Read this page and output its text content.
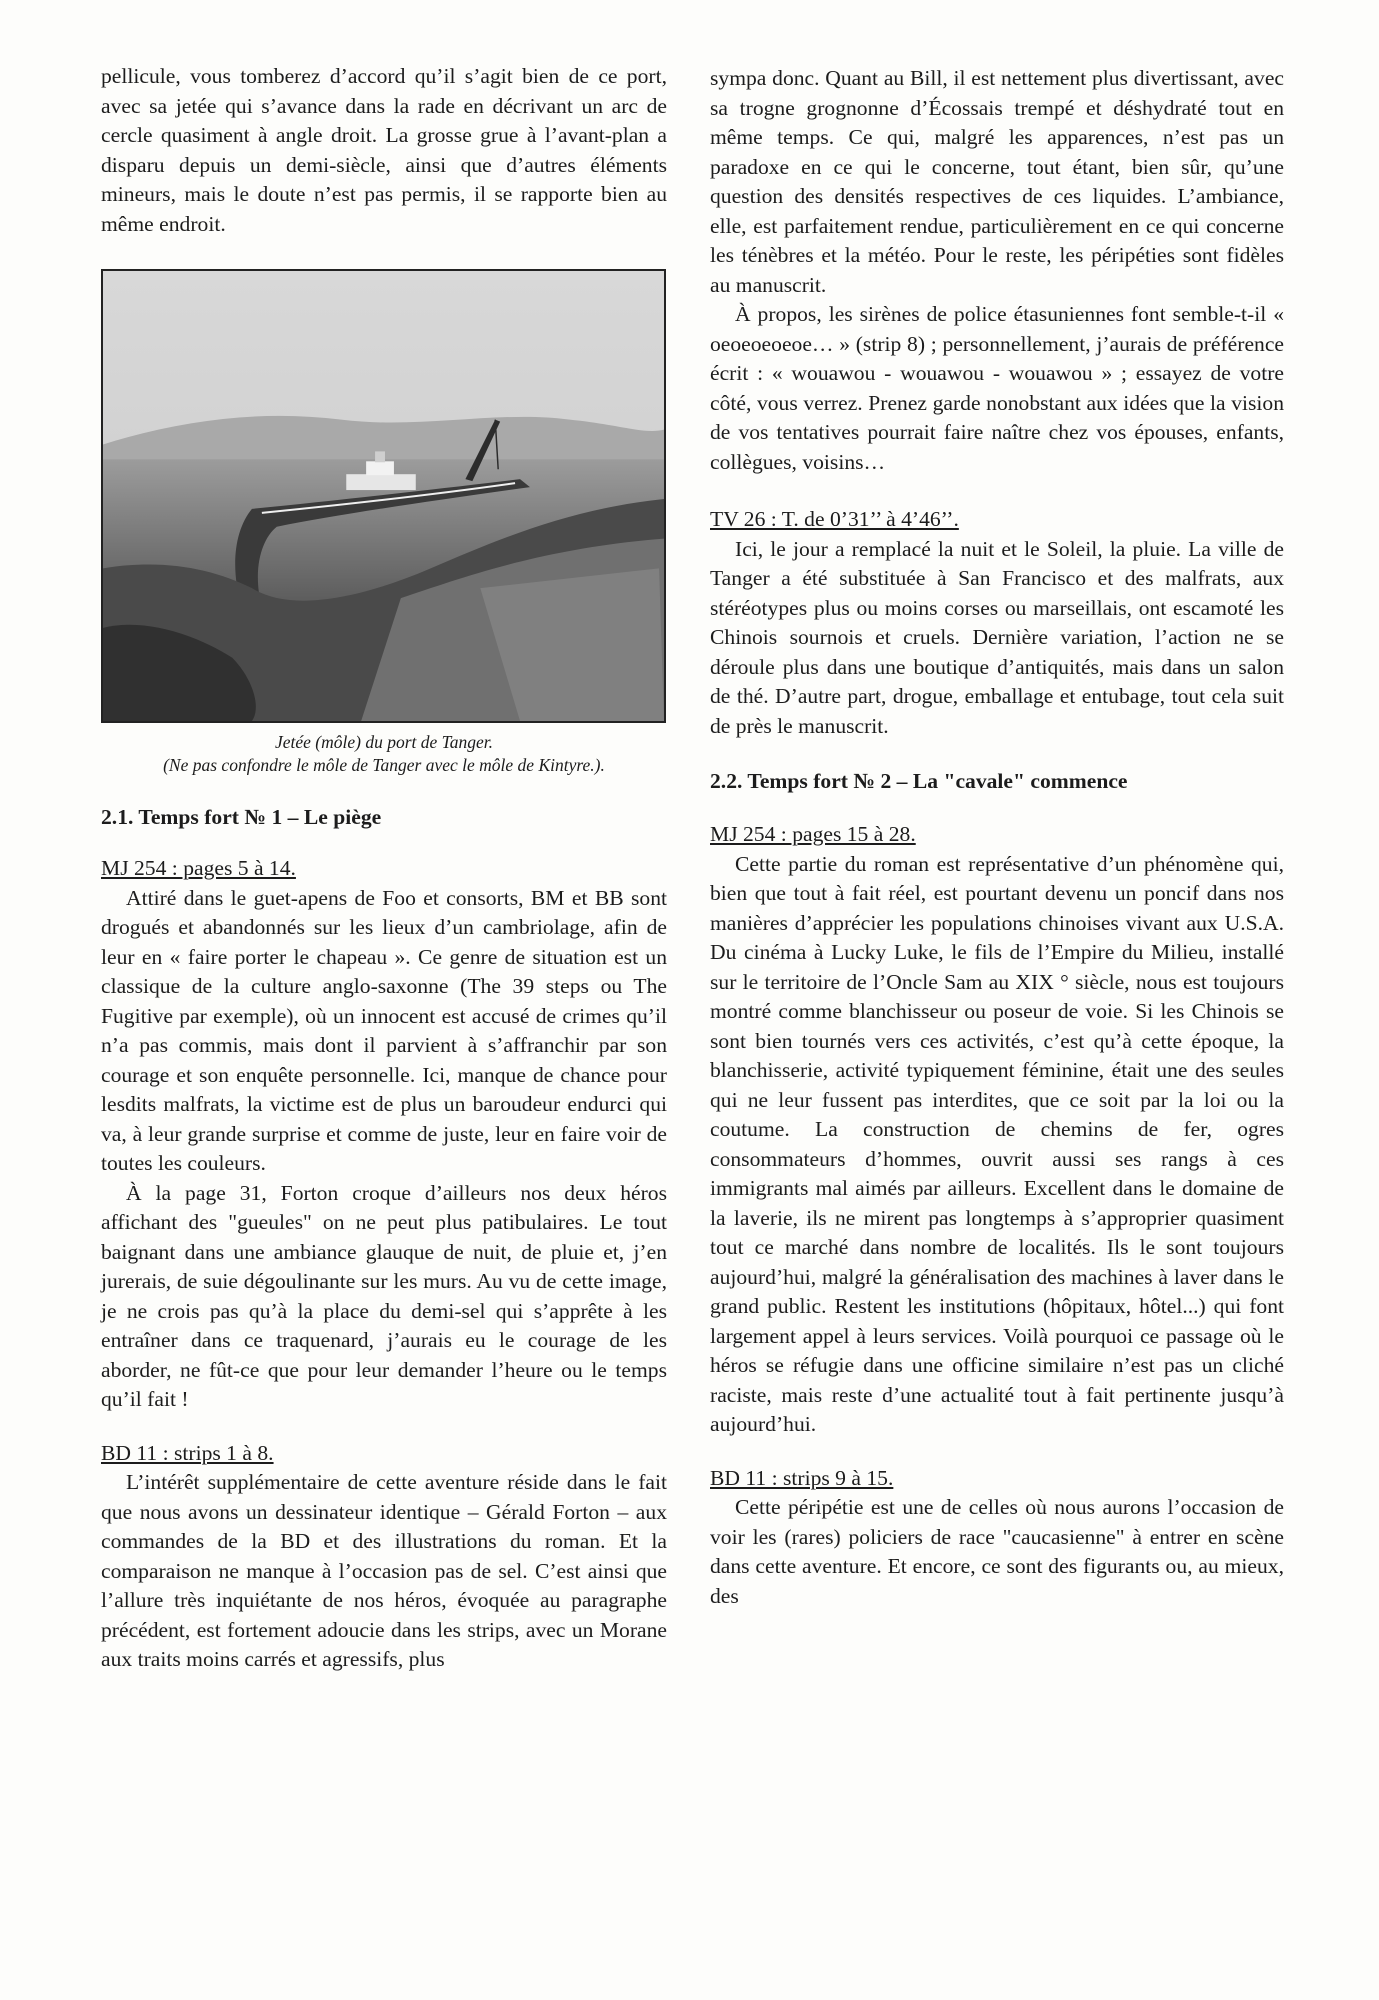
pellicule, vous tomberez d’accord qu’il s’agit bien de ce port, avec sa jetée qui s’avance dans la rade en décrivant un arc de cercle quasiment à angle droit. La grosse grue à l’avant-plan a disparu depuis un demi-siècle, ainsi que d’autres éléments mineurs, mais le doute n’est pas permis, il se rapporte bien au même endroit.

Jetée (môle) du port de Tanger.

(Ne pas confondre le môle de Tanger avec le môle de Kintyre.).

2.1. Temps fort № 1 – Le piège

MJ 254 : pages 5 à 14.

Attiré dans le guet-apens de Foo et consorts, BM et BB sont drogués et abandonnés sur les lieux d’un cambriolage, afin de leur en « faire porter le chapeau ». Ce genre de situation est un classique de la culture anglo-saxonne (The 39 steps ou The Fugitive par exemple), où un innocent est accusé de crimes qu’il n’a pas commis, mais dont il parvient à s’affranchir par son courage et son enquête personnelle. Ici, manque de chance pour lesdits malfrats, la victime est de plus un baroudeur endurci qui va, à leur grande surprise et comme de juste, leur en faire voir de toutes les couleurs.

À la page 31, Forton croque d’ailleurs nos deux héros affichant des "gueules" on ne peut plus patibulaires. Le tout baignant dans une ambiance glauque de nuit, de pluie et, j’en jurerais, de suie dégoulinante sur les murs. Au vu de cette image, je ne crois pas qu’à la place du demi-sel qui s’apprête à les entraîner dans ce traquenard, j’aurais eu le courage de les aborder, ne fût-ce que pour leur demander l’heure ou le temps qu’il fait !

BD 11 : strips 1 à 8.

L’intérêt supplémentaire de cette aventure réside dans le fait que nous avons un dessinateur identique – Gérald Forton – aux commandes de la BD et des illustrations du roman. Et la comparaison ne manque à l’occasion pas de sel. C’est ainsi que l’allure très inquiétante de nos héros, évoquée au paragraphe précédent, est fortement adoucie dans les strips, avec un Morane aux traits moins carrés et agressifs, plus

sympa donc. Quant au Bill, il est nettement plus divertissant, avec sa trogne grognonne d’Écossais trempé et déshydraté tout en même temps. Ce qui, malgré les apparences, n’est pas un paradoxe en ce qui le concerne, tout étant, bien sûr, qu’une question des densités respectives de ces liquides. L’ambiance, elle, est parfaitement rendue, particulièrement en ce qui concerne les ténèbres et la météo. Pour le reste, les péripéties sont fidèles au manuscrit.

À propos, les sirènes de police étasuniennes font semble-t-il « oeoeoeoeoe… » (strip 8) ; personnellement, j’aurais de préférence écrit : « wouawou - wouawou - wouawou » ; essayez de votre côté, vous verrez. Prenez garde nonobstant aux idées que la vision de vos tentatives pourrait faire naître chez vos épouses, enfants, collègues, voisins…

TV 26 : T. de 0’31’’ à 4’46’’.

Ici, le jour a remplacé la nuit et le Soleil, la pluie. La ville de Tanger a été substituée à San Francisco et des malfrats, aux stéréotypes plus ou moins corses ou marseillais, ont escamoté les Chinois sournois et cruels. Dernière variation, l’action ne se déroule plus dans une boutique d’antiquités, mais dans un salon de thé. D’autre part, drogue, emballage et entubage, tout cela suit de près le manuscrit.

2.2. Temps fort № 2 – La "cavale" commence

MJ 254 : pages 15 à 28.

Cette partie du roman est représentative d’un phénomène qui, bien que tout à fait réel, est pourtant devenu un poncif dans nos manières d’apprécier les populations chinoises vivant aux U.S.A. Du cinéma à Lucky Luke, le fils de l’Empire du Milieu, installé sur le territoire de l’Oncle Sam au XIX ° siècle, nous est toujours montré comme blanchisseur ou poseur de voie. Si les Chinois se sont bien tournés vers ces activités, c’est qu’à cette époque, la blanchisserie, activité typiquement féminine, était une des seules qui ne leur fussent pas interdites, que ce soit par la loi ou la coutume. La construction de chemins de fer, ogres consommateurs d’hommes, ouvrit aussi ses rangs à ces immigrants mal aimés par ailleurs. Excellent dans le domaine de la laverie, ils ne mirent pas longtemps à s’approprier quasiment tout ce marché dans nombre de localités. Ils le sont toujours aujourd’hui, malgré la généralisation des machines à laver dans le grand public. Restent les institutions (hôpitaux, hôtel...) qui font largement appel à leurs services. Voilà pourquoi ce passage où le héros se réfugie dans une officine similaire n’est pas un cliché raciste, mais reste d’une actualité tout à fait pertinente jusqu’à aujourd’hui.

BD 11 : strips 9 à 15.

Cette péripétie est une de celles où nous aurons l’occasion de voir les (rares) policiers de race "caucasienne" à entrer en scène dans cette aventure. Et encore, ce sont des figurants ou, au mieux, des
